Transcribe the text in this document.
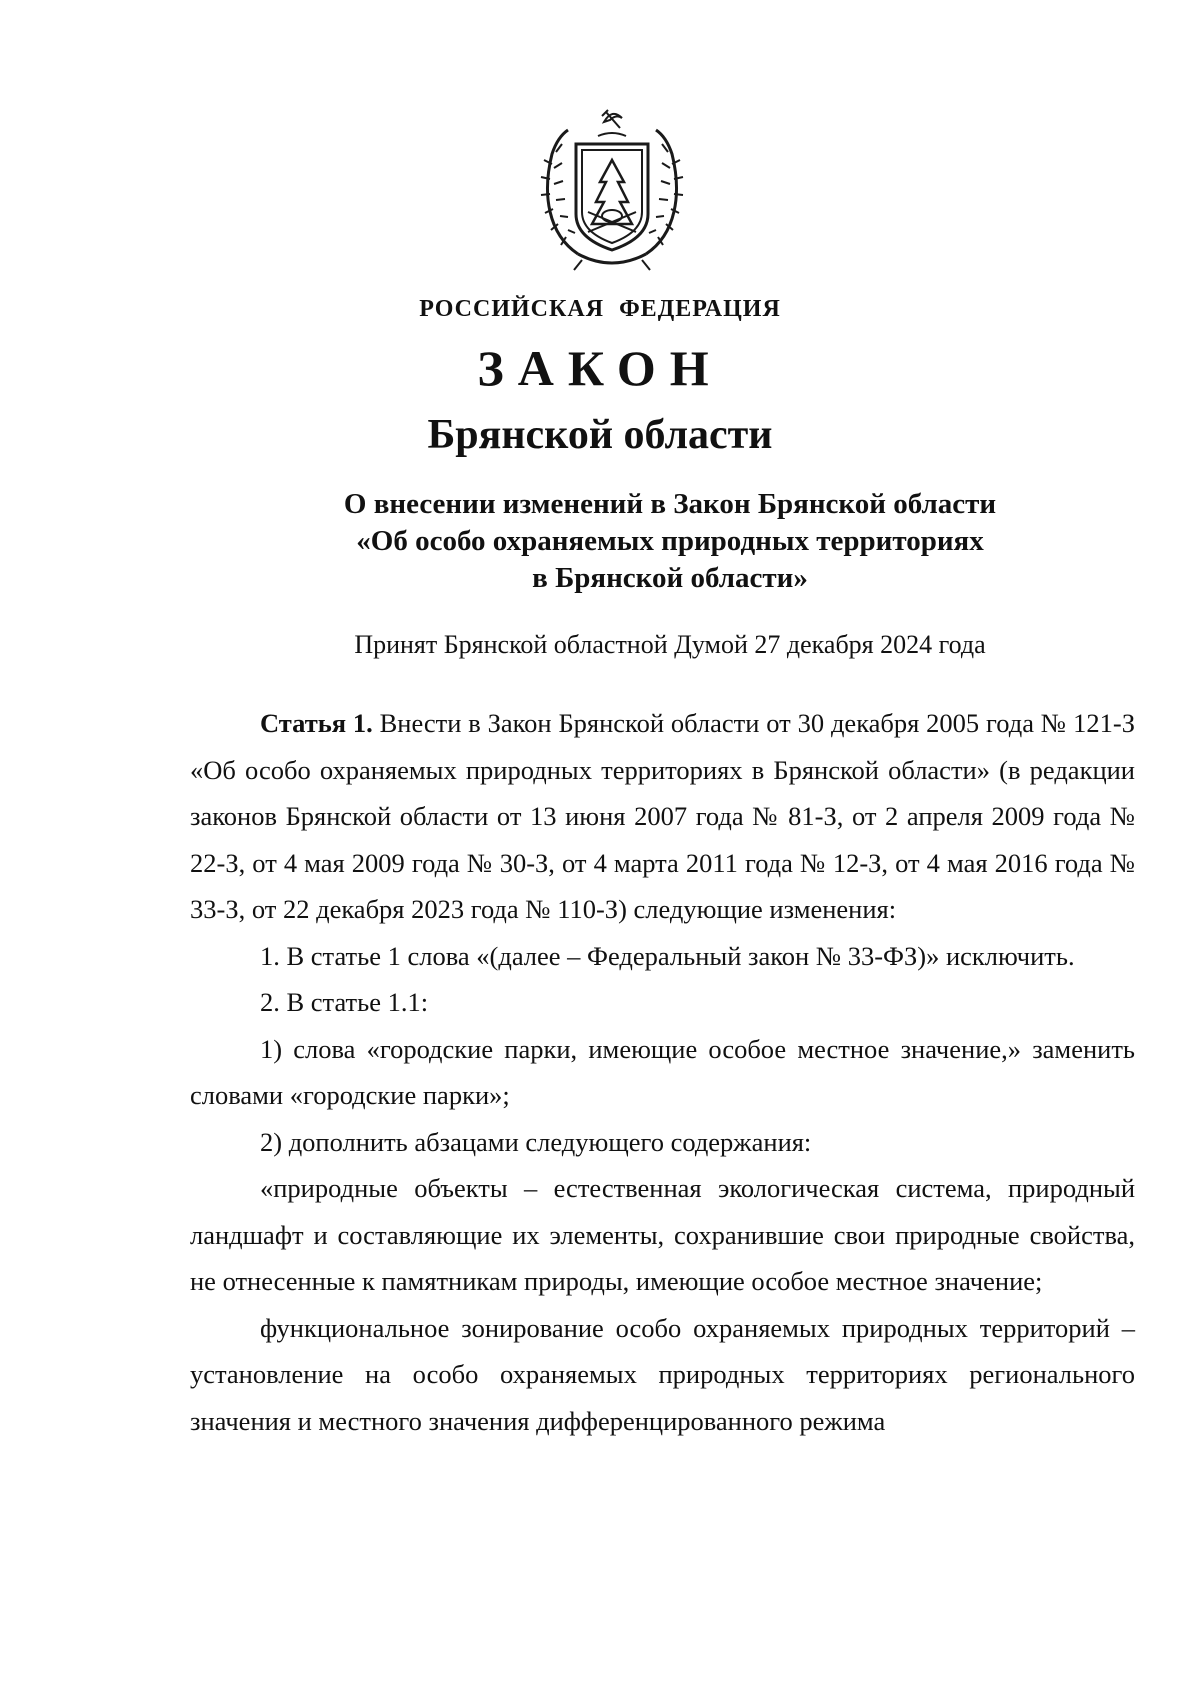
РОССИЙСКАЯ ФЕДЕРАЦИЯ
ЗАКОН
Брянской области
О внесении изменений в Закон Брянской области
«Об особо охраняемых природных территориях
в Брянской области»
Принят Брянской областной Думой 27 декабря 2024 года

Статья 1. Внести в Закон Брянской области от 30 декабря 2005 года № 121-З «Об особо охраняемых природных территориях в Брянской области» (в редакции законов Брянской области от 13 июня 2007 года № 81-З, от 2 апреля 2009 года № 22-З, от 4 мая 2009 года № 30-З, от 4 марта 2011 года № 12-З, от 4 мая 2016 года № 33-З, от 22 декабря 2023 года № 110-З) следующие изменения:

1. В статье 1 слова «(далее – Федеральный закон № 33-ФЗ)» исключить.

2. В статье 1.1:

1) слова «городские парки, имеющие особое местное значение,» заменить словами «городские парки»;

2) дополнить абзацами следующего содержания:

«природные объекты – естественная экологическая система, природный ландшафт и составляющие их элементы, сохранившие свои природные свойства, не отнесенные к памятникам природы, имеющие особое местное значение;

функциональное зонирование особо охраняемых природных территорий – установление на особо охраняемых природных территориях регионального значения и местного значения дифференцированного режима
